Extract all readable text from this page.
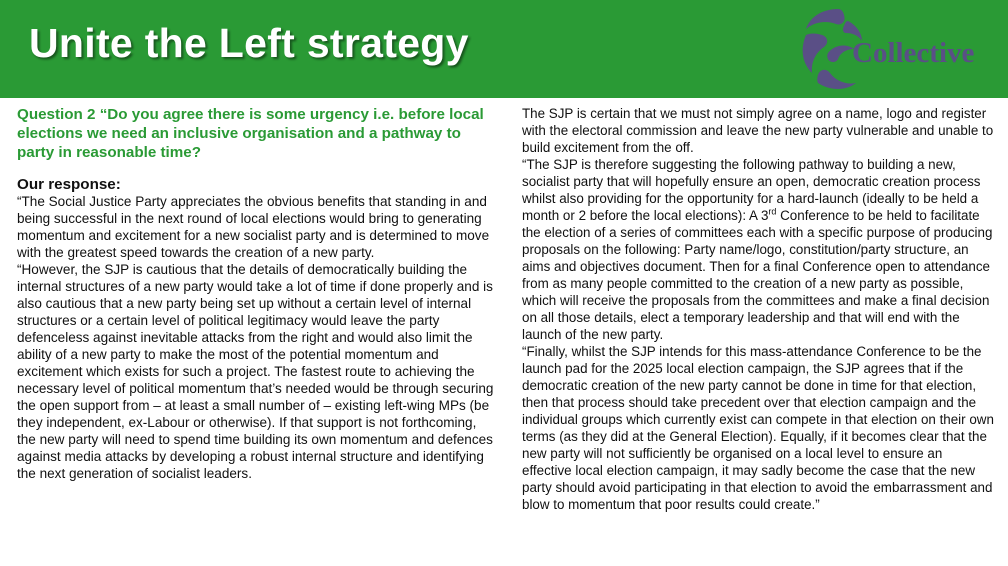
Unite the Left strategy	Collective

Question 2 “Do you agree there is some urgency i.e. before local elections we need an inclusive organisation and a pathway to party in reasonable time?

Our response:

“The Social Justice Party appreciates the obvious benefits that standing in and being successful in the next round of local elections would bring to generating momentum and excitement for a new socialist party and is determined to move with the greatest speed towards the creation of a new party.

“However, the SJP is cautious that the details of democratically building the internal structures of a new party would take a lot of time if done properly and is also cautious that a new party being set up without a certain level of internal structures or a certain level of political legitimacy would leave the party defenceless against inevitable attacks from the right and would also limit the ability of a new party to make the most of the potential momentum and excitement which exists for such a project. The fastest route to achieving the necessary level of political momentum that’s needed would be through securing the open support from – at least a small number of – existing left-wing MPs (be they independent, ex-Labour or otherwise). If that support is not forthcoming, the new party will need to spend time building its own momentum and defences against media attacks by developing a robust internal structure and identifying the next generation of socialist leaders.

The SJP is certain that we must not simply agree on a name, logo and register with the electoral commission and leave the new party vulnerable and unable to build excitement from the off.

“The SJP is therefore suggesting the following pathway to building a new, socialist party that will hopefully ensure an open, democratic creation process whilst also providing for the opportunity for a hard-launch (ideally to be held a month or 2 before the local elections): A 3rd Conference to be held to facilitate the election of a series of committees each with a specific purpose of producing proposals on the following: Party name/logo, constitution/party structure, an aims and objectives document. Then for a final Conference open to attendance from as many people committed to the creation of a new party as possible, which will receive the proposals from the committees and make a final decision on all those details, elect a temporary leadership and that will end with the launch of the new party.

“Finally, whilst the SJP intends for this mass-attendance Conference to be the launch pad for the 2025 local election campaign, the SJP agrees that if the democratic creation of the new party cannot be done in time for that election, then that process should take precedent over that election campaign and the individual groups which currently exist can compete in that election on their own terms (as they did at the General Election). Equally, if it becomes clear that the new party will not sufficiently be organised on a local level to ensure an effective local election campaign, it may sadly become the case that the new party should avoid participating in that election to avoid the embarrassment and blow to momentum that poor results could create.”
